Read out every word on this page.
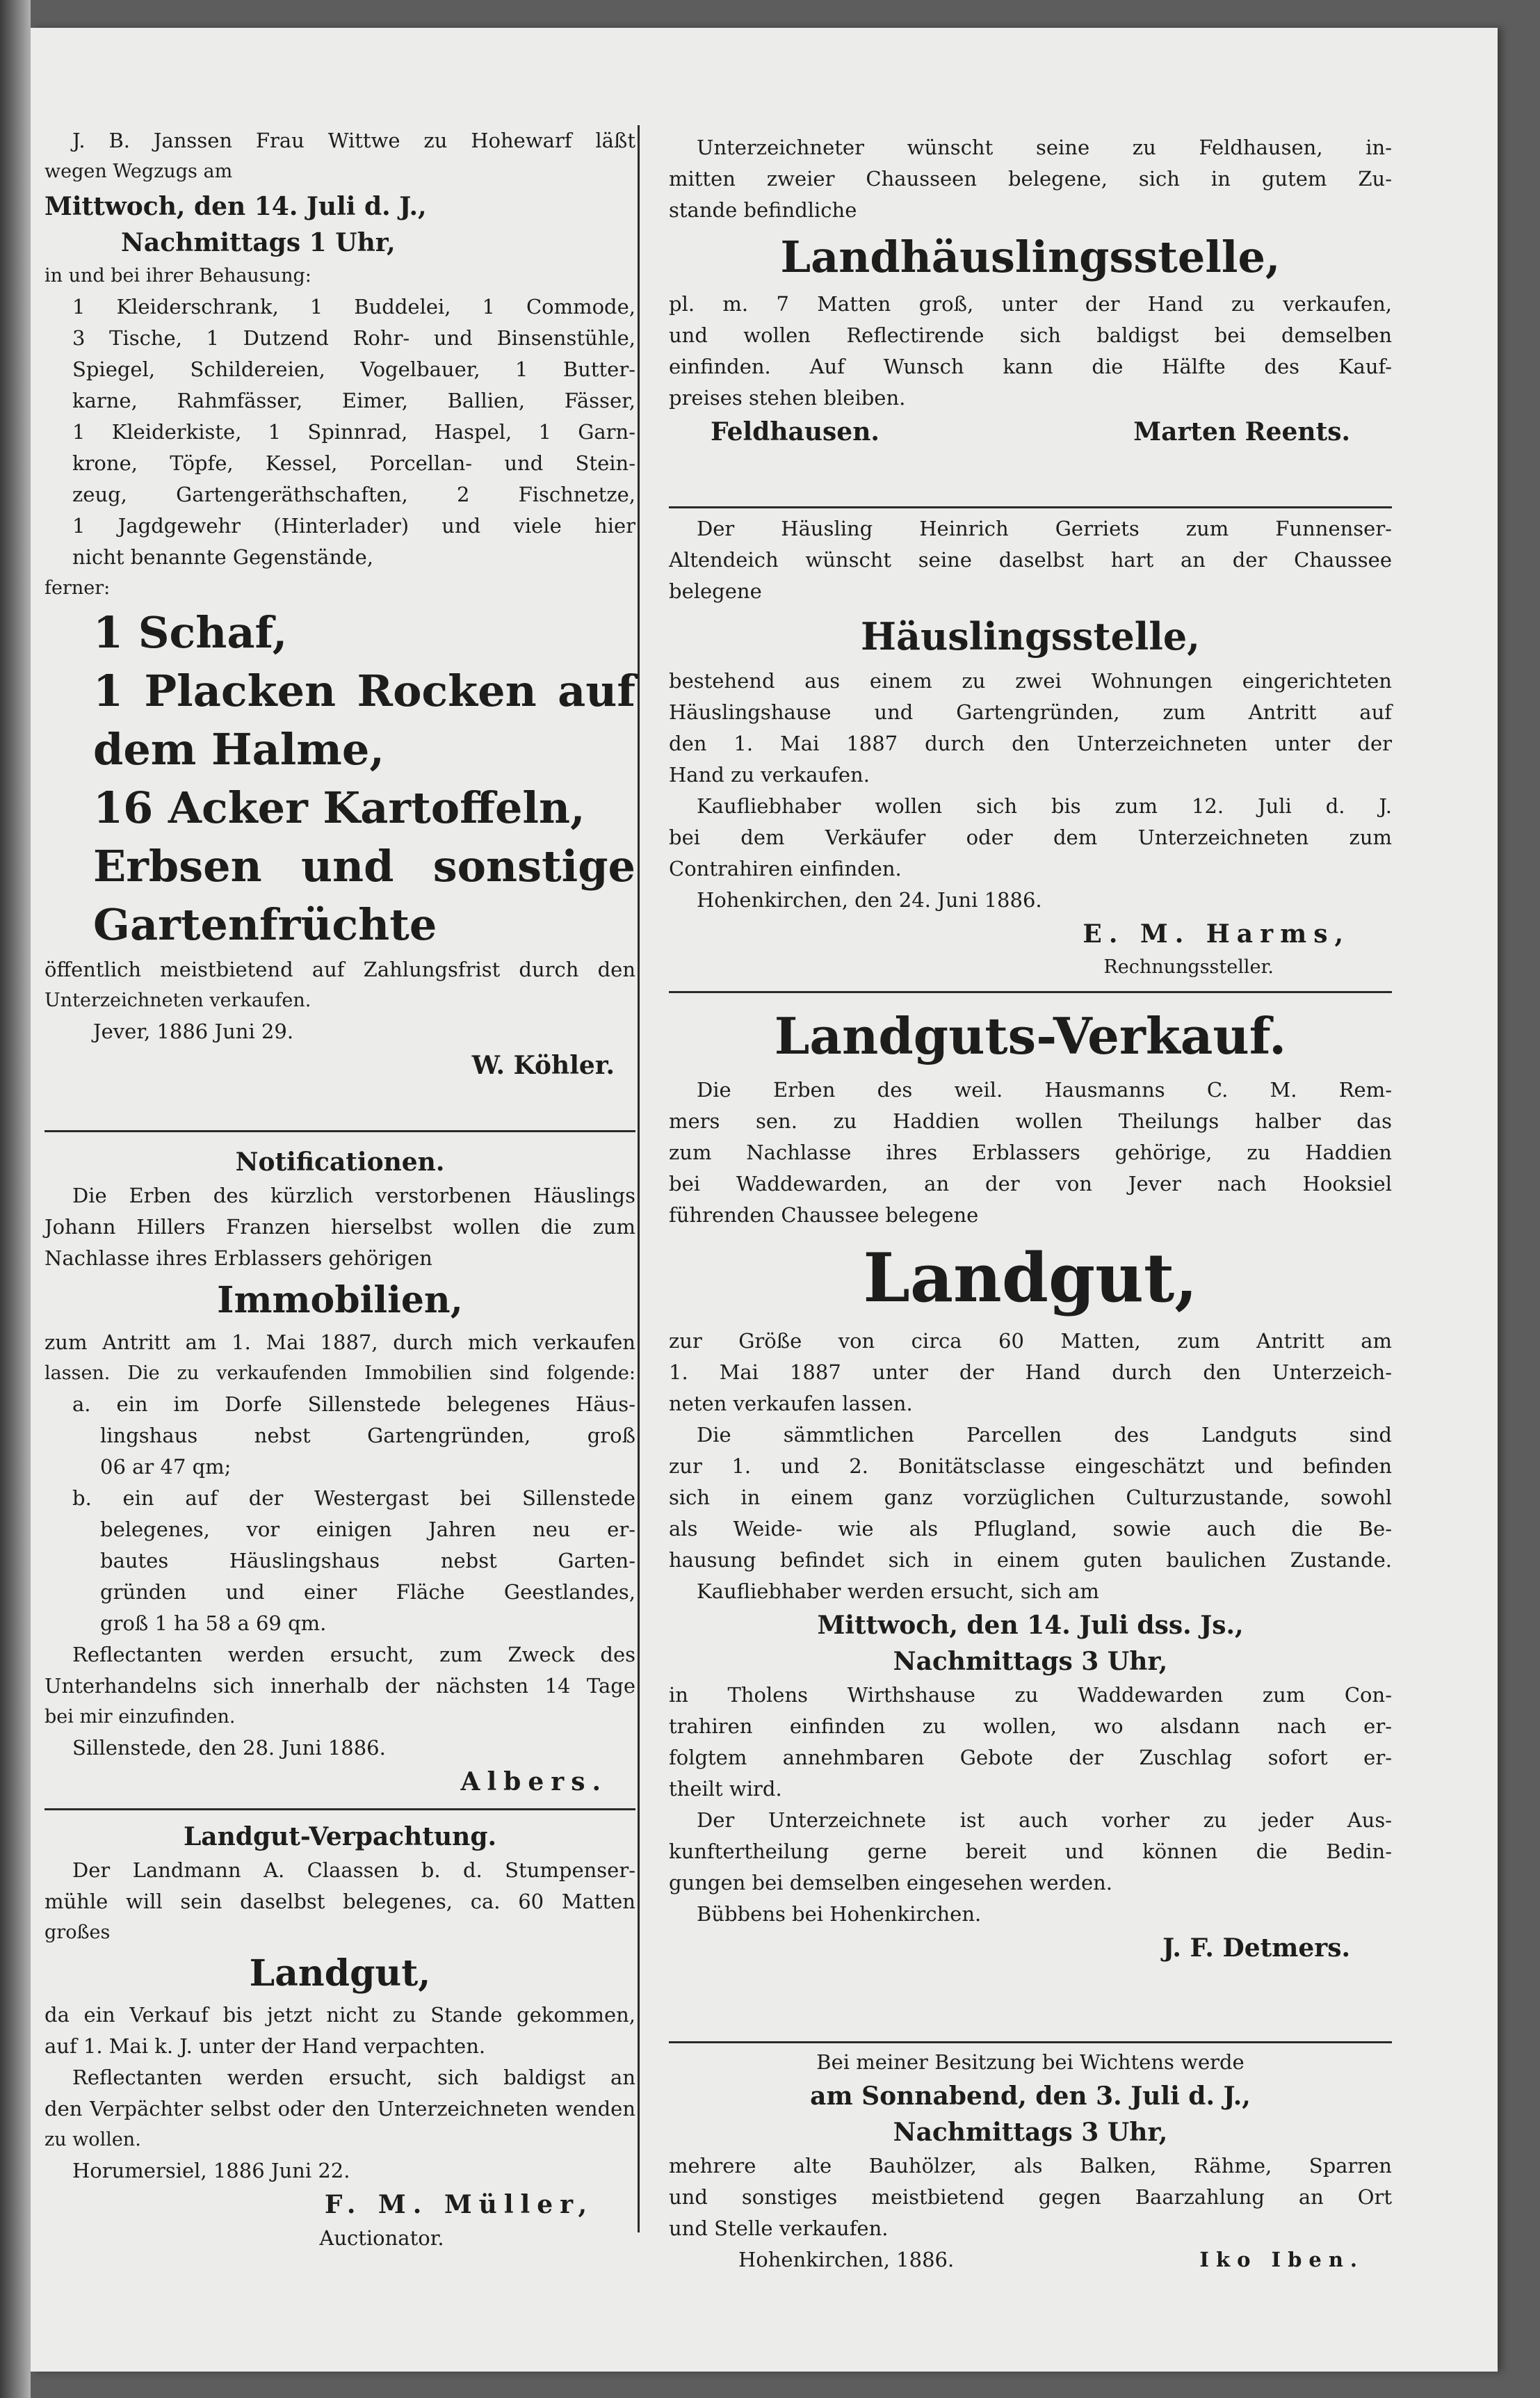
J. B. Janssen Frau Wittwe zu Hohewarf läßt

wegen Wegzugs am

Mittwoch, den 14. Juli d. J.,

Nachmittags 1 Uhr,

in und bei ihrer Behausung:

1 Kleiderschrank, 1 Buddelei, 1 Commode,

3 Tische, 1 Dutzend Rohr- und Binsenstühle,

Spiegel, Schildereien, Vogelbauer, 1 Butter-

karne, Rahmfässer, Eimer, Ballien, Fässer,

1 Kleiderkiste, 1 Spinnrad, Haspel, 1 Garn-

krone, Töpfe, Kessel, Porcellan- und Stein-

zeug, Gartengeräthschaften, 2 Fischnetze,

1 Jagdgewehr (Hinterlader) und viele hier

nicht benannte Gegenstände,

ferner:

1 Schaf,

1 Placken Rocken auf

dem Halme,

16 Acker Kartoffeln,

Erbsen und sonstige

Gartenfrüchte

öffentlich meistbietend auf Zahlungsfrist durch den

Unterzeichneten verkaufen.

Jever, 1886 Juni 29.

W. Köhler.

Notificationen.

Die Erben des kürzlich verstorbenen Häuslings

Johann Hillers Franzen hierselbst wollen die zum

Nachlasse ihres Erblassers gehörigen

Immobilien,

zum Antritt am 1. Mai 1887, durch mich verkaufen

lassen. Die zu verkaufenden Immobilien sind folgende:

a. ein im Dorfe Sillenstede belegenes Häus-

lingshaus nebst Gartengründen, groß

06 ar 47 qm;

b. ein auf der Westergast bei Sillenstede

belegenes, vor einigen Jahren neu er-

bautes Häuslingshaus nebst Garten-

gründen und einer Fläche Geestlandes,

groß 1 ha 58 a 69 qm.

Reflectanten werden ersucht, zum Zweck des

Unterhandelns sich innerhalb der nächsten 14 Tage

bei mir einzufinden.

Sillenstede, den 28. Juni 1886.

Albers.

Landgut-Verpachtung.

Der Landmann A. Claassen b. d. Stumpenser-

mühle will sein daselbst belegenes, ca. 60 Matten

großes

Landgut,

da ein Verkauf bis jetzt nicht zu Stande gekommen,

auf 1. Mai k. J. unter der Hand verpachten.

Reflectanten werden ersucht, sich baldigst an

den Verpächter selbst oder den Unterzeichneten wenden

zu wollen.

Horumersiel, 1886 Juni 22.

F. M. Müller,

Auctionator.

Unterzeichneter wünscht seine zu Feldhausen, in-

mitten zweier Chausseen belegene, sich in gutem Zu-

stande befindliche

Landhäuslingsstelle,

pl. m. 7 Matten groß, unter der Hand zu verkaufen,

und wollen Reflectirende sich baldigst bei demselben

einfinden. Auf Wunsch kann die Hälfte des Kauf-

preises stehen bleiben.

Feldhausen.	Marten Reents.

Der Häusling Heinrich Gerriets zum Funnenser-

Altendeich wünscht seine daselbst hart an der Chaussee

belegene

Häuslingsstelle,

bestehend aus einem zu zwei Wohnungen eingerichteten

Häuslingshause und Gartengründen, zum Antritt auf

den 1. Mai 1887 durch den Unterzeichneten unter der

Hand zu verkaufen.

Kaufliebhaber wollen sich bis zum 12. Juli d. J.

bei dem Verkäufer oder dem Unterzeichneten zum

Contrahiren einfinden.

Hohenkirchen, den 24. Juni 1886.

E. M. Harms,

Rechnungssteller.

Landguts-Verkauf.

Die Erben des weil. Hausmanns C. M. Rem-

mers sen. zu Haddien wollen Theilungs halber das

zum Nachlasse ihres Erblassers gehörige, zu Haddien

bei Waddewarden, an der von Jever nach Hooksiel

führenden Chaussee belegene

Landgut,

zur Größe von circa 60 Matten, zum Antritt am

1. Mai 1887 unter der Hand durch den Unterzeich-

neten verkaufen lassen.

Die sämmtlichen Parcellen des Landguts sind

zur 1. und 2. Bonitätsclasse eingeschätzt und befinden

sich in einem ganz vorzüglichen Culturzustande, sowohl

als Weide- wie als Pflugland, sowie auch die Be-

hausung befindet sich in einem guten baulichen Zustande.

Kaufliebhaber werden ersucht, sich am

Mittwoch, den 14. Juli dss. Js.,

Nachmittags 3 Uhr,

in Tholens Wirthshause zu Waddewarden zum Con-

trahiren einfinden zu wollen, wo alsdann nach er-

folgtem annehmbaren Gebote der Zuschlag sofort er-

theilt wird.

Der Unterzeichnete ist auch vorher zu jeder Aus-

kunftertheilung gerne bereit und können die Bedin-

gungen bei demselben eingesehen werden.

Bübbens bei Hohenkirchen.

J. F. Detmers.

Bei meiner Besitzung bei Wichtens werde

am Sonnabend, den 3. Juli d. J.,

Nachmittags 3 Uhr,

mehrere alte Bauhölzer, als Balken, Rähme, Sparren

und sonstiges meistbietend gegen Baarzahlung an Ort

und Stelle verkaufen.

Hohenkirchen, 1886.	Iko Iben.
